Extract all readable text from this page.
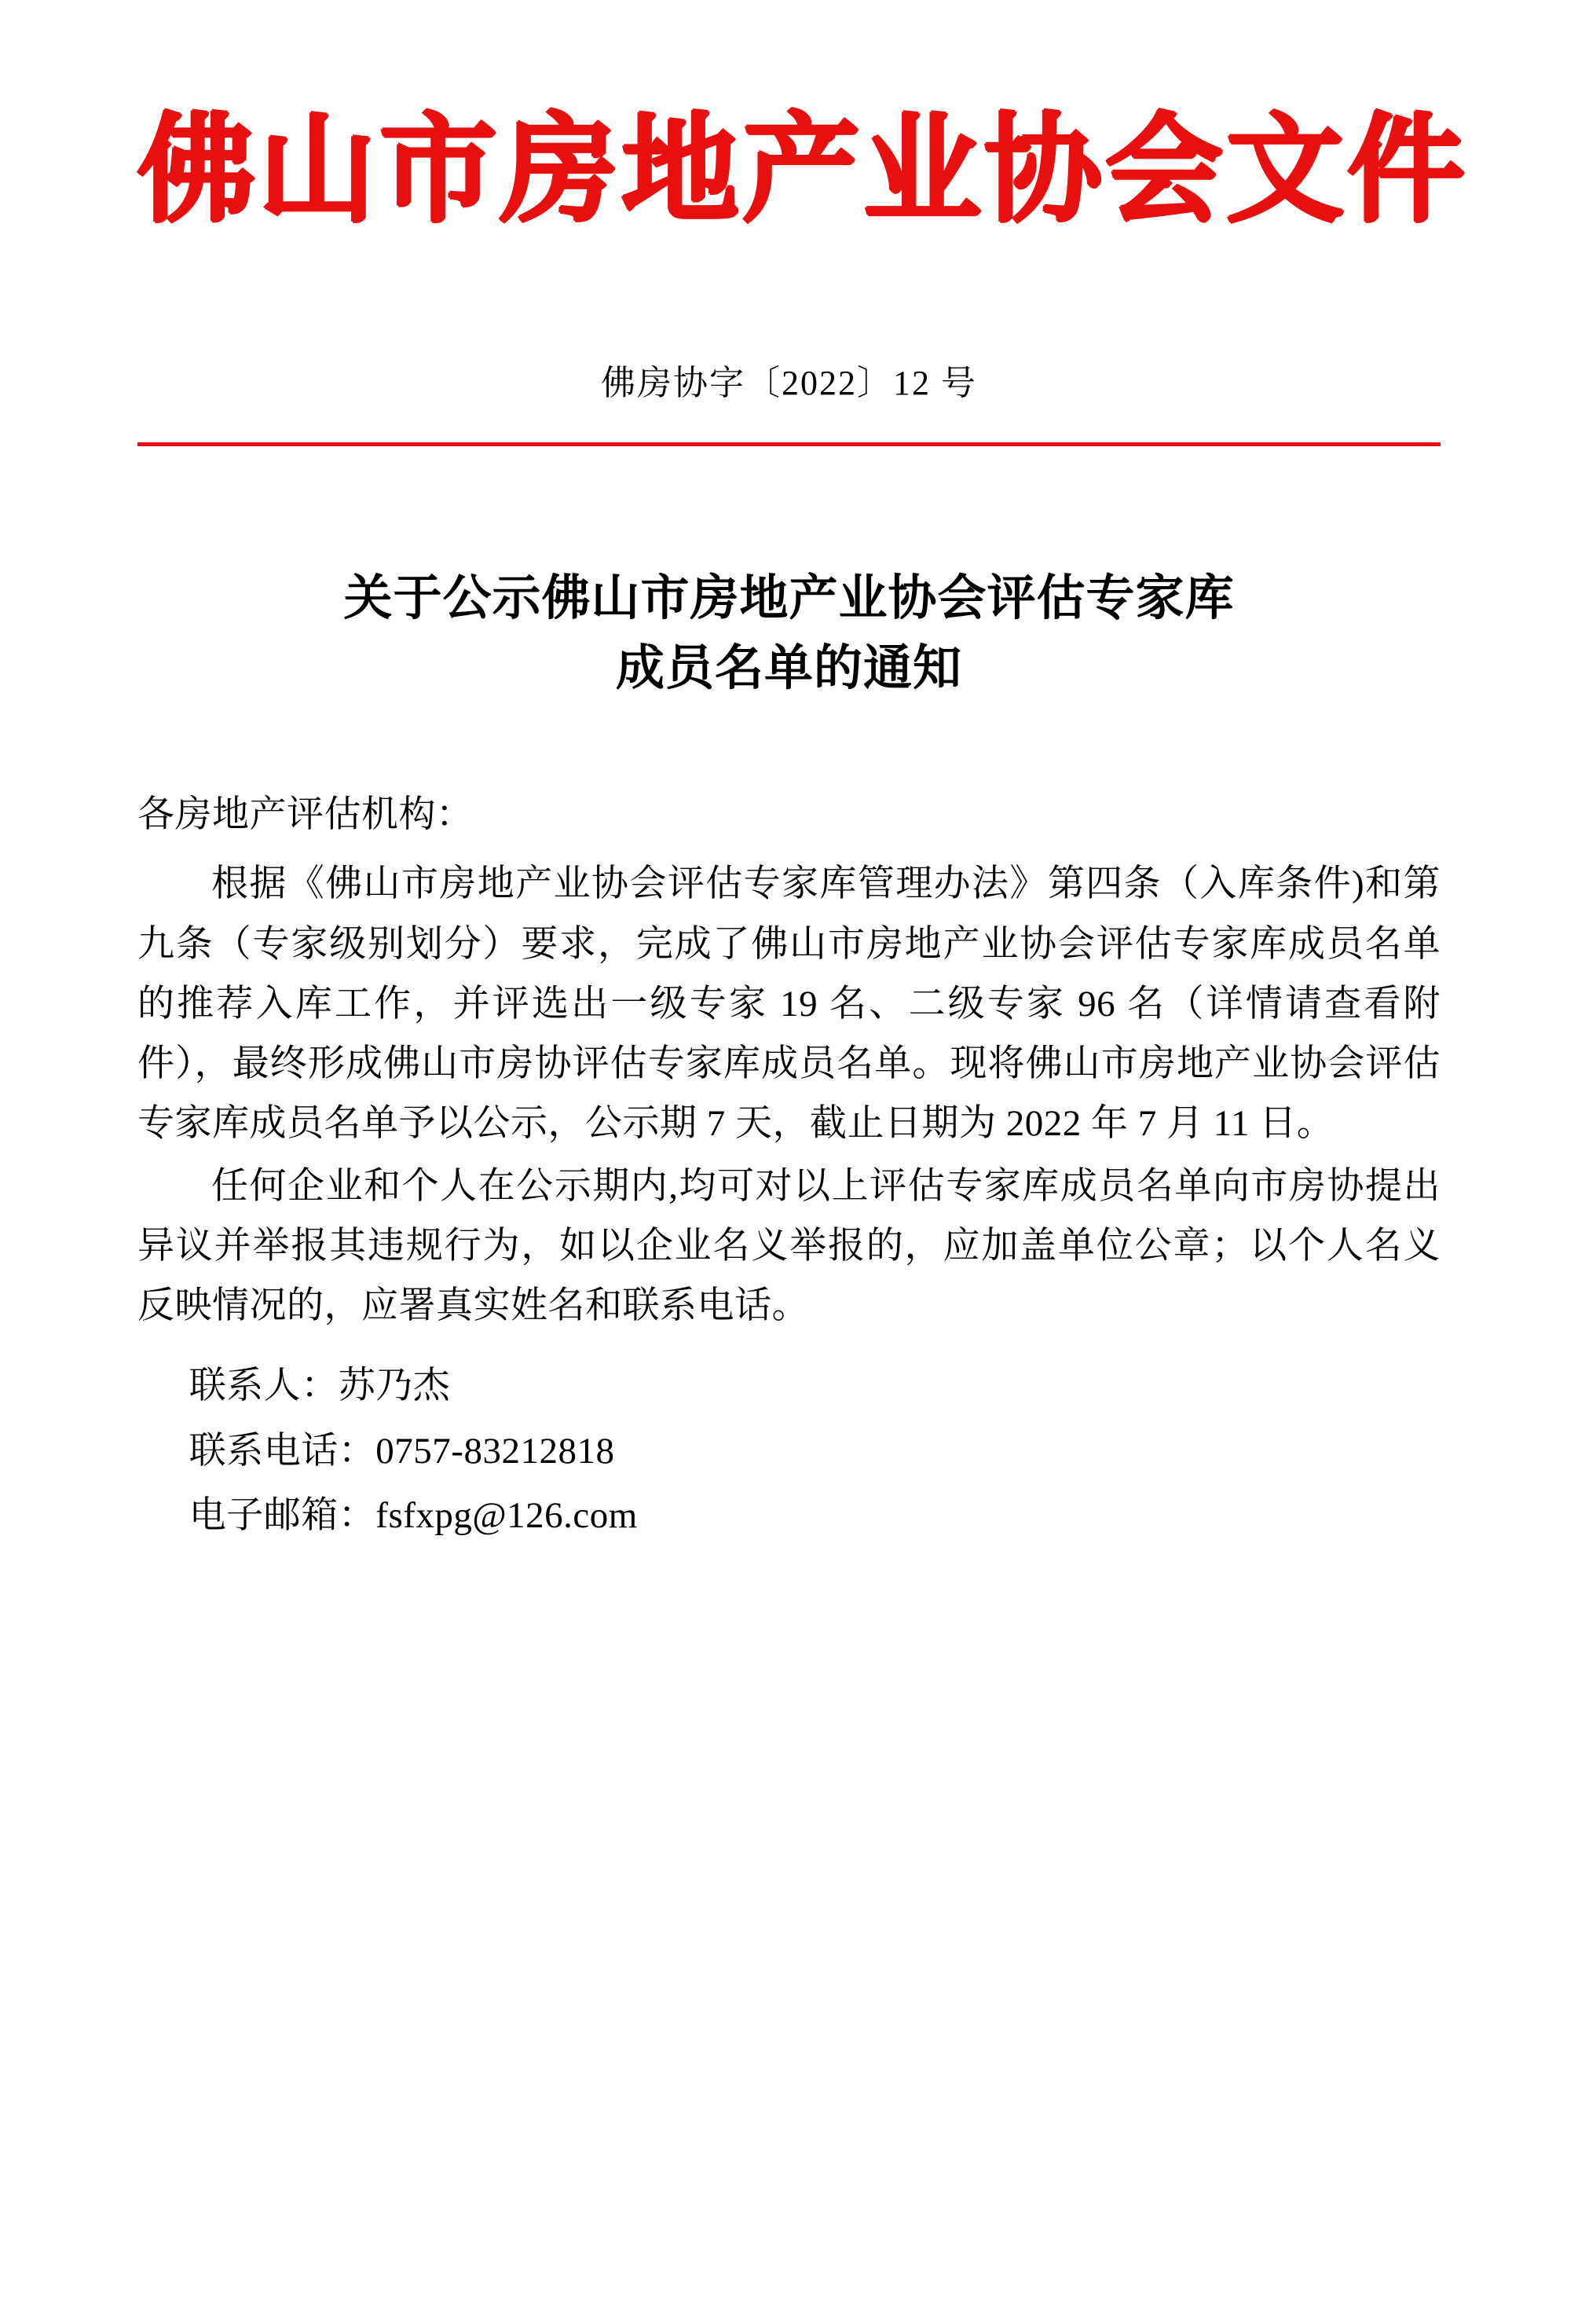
佛山市房地产业协会文件
佛房协字〔2022〕12 号
关于公示佛山市房地产业协会评估专家库
成员名单的通知
各房地产评估机构：

根据《佛山市房地产业协会评估专家库管理办法》第四条（入库条件)和第九条（专家级别划分）要求，完成了佛山市房地产业协会评估专家库成员名单的推荐入库工作，并评选出一级专家 19 名、二级专家 96 名（详情请查看附件），最终形成佛山市房协评估专家库成员名单。现将佛山市房地产业协会评估专家库成员名单予以公示，公示期 7 天，截止日期为 2022 年 7 月 11 日。

任何企业和个人在公示期内,均可对以上评估专家库成员名单向市房协提出异议并举报其违规行为，如以企业名义举报的，应加盖单位公章；以个人名义反映情况的，应署真实姓名和联系电话。

联系人：苏乃杰

联系电话：0757-83212818

电子邮箱：fsfxpg@126.com
